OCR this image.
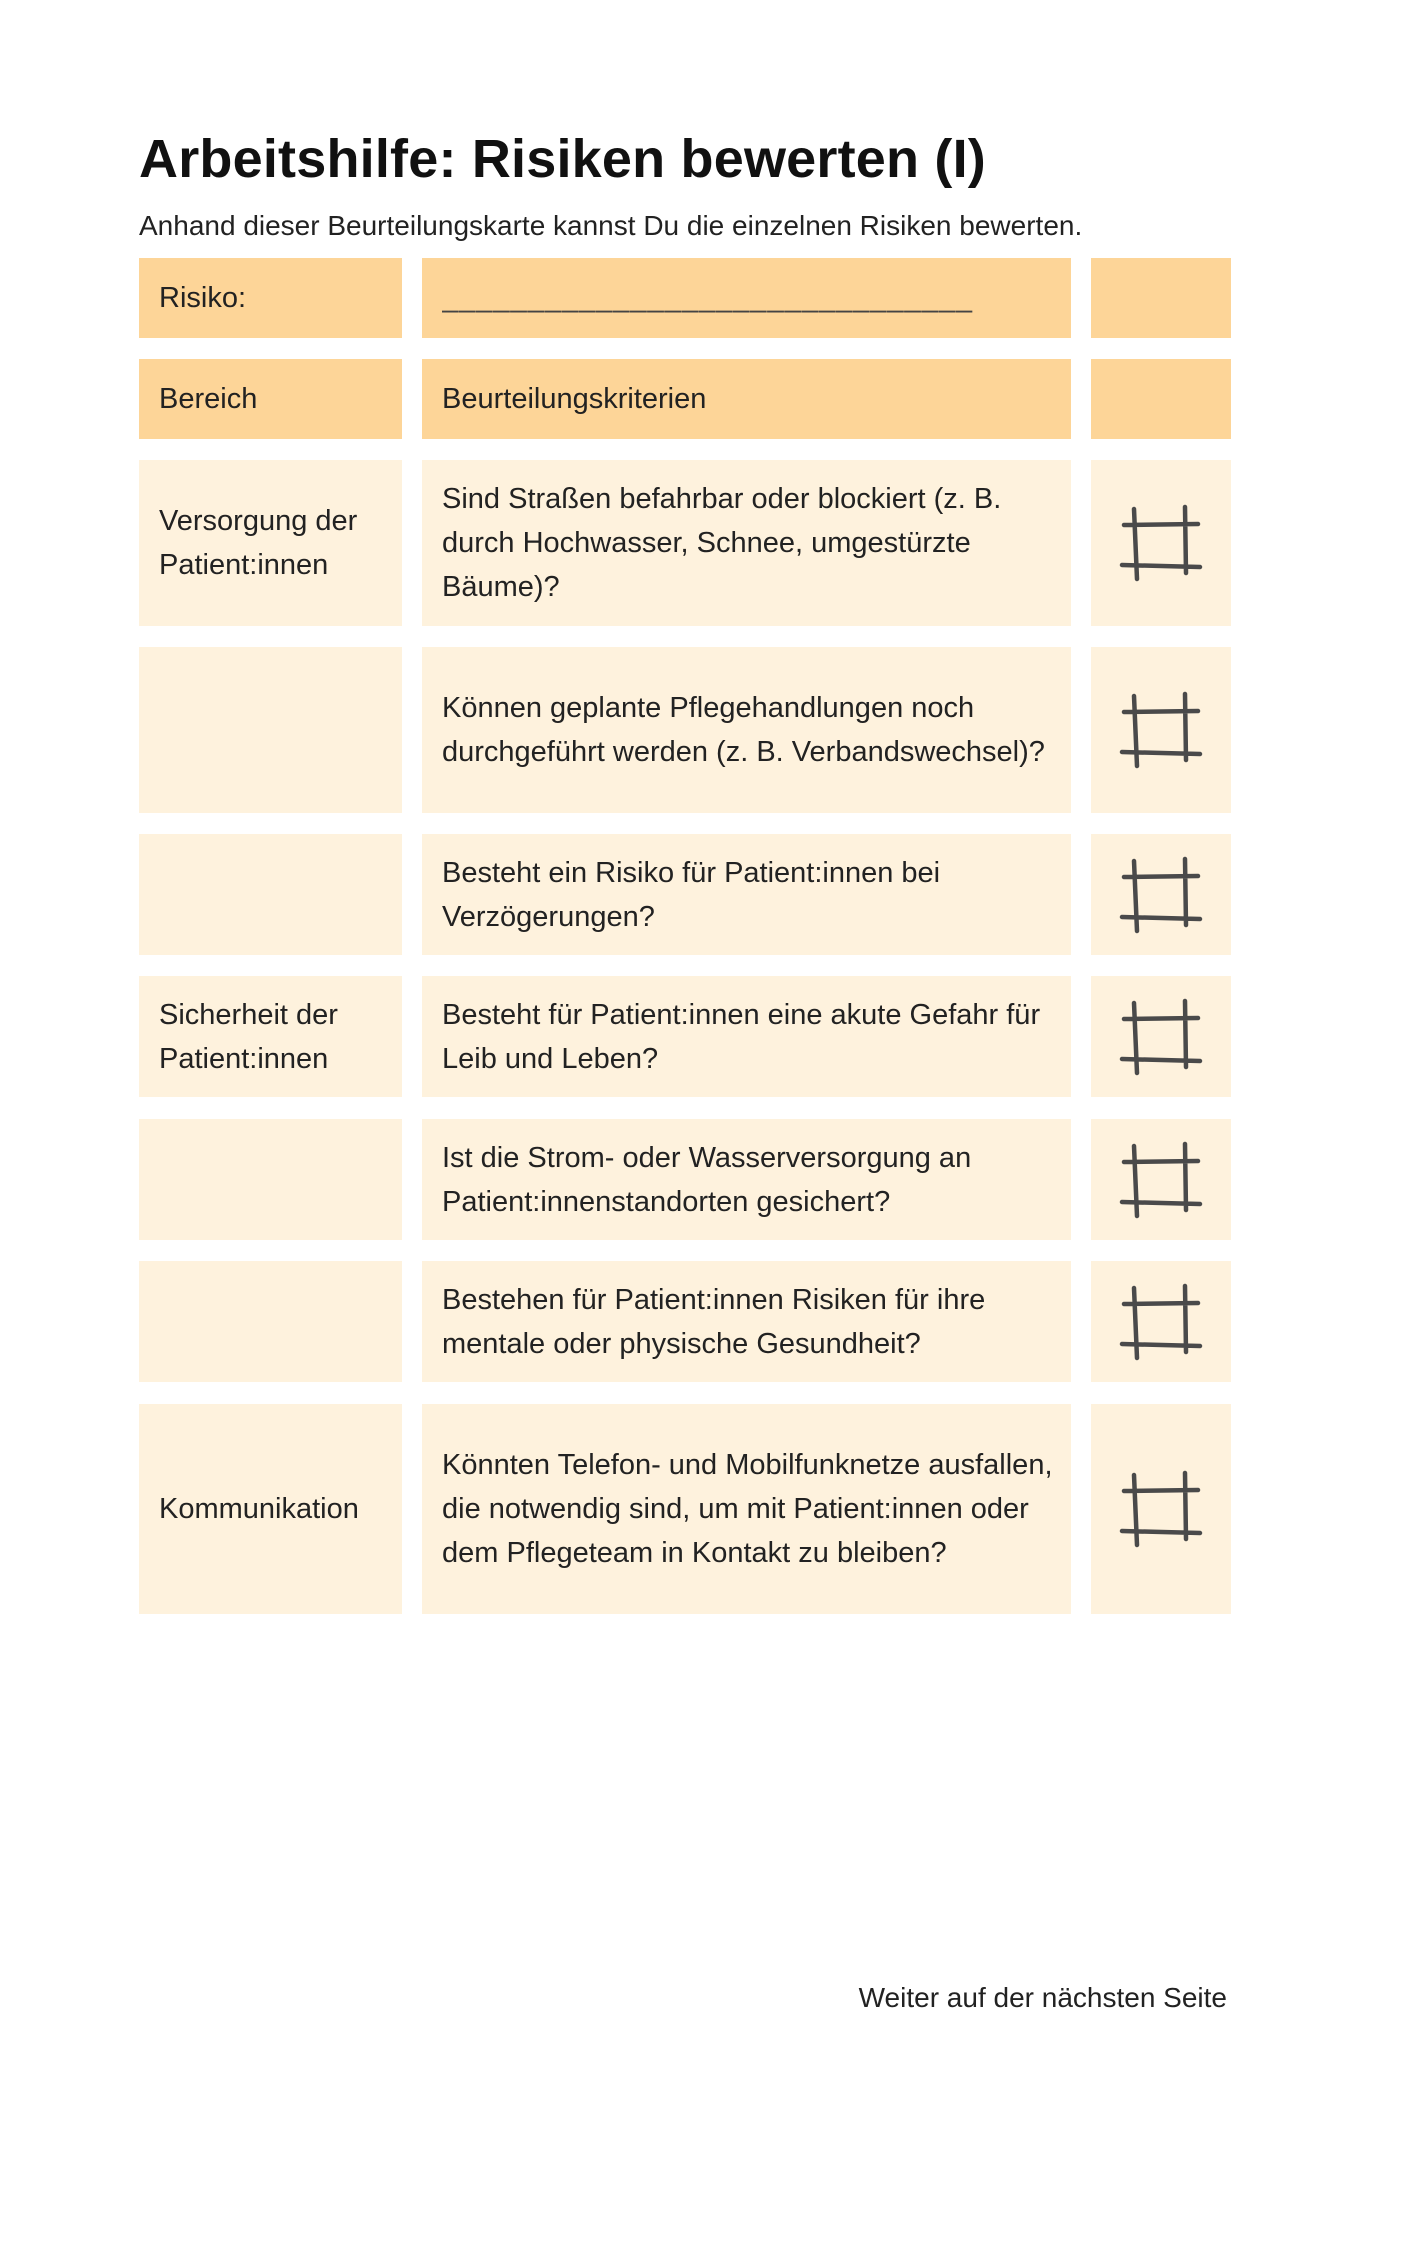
Arbeitshilfe: Risiken bewerten (I)

Anhand dieser Beurteilungskarte kannst Du die einzelnen Risiken bewerten.

Risiko:	_______________________________
Bereich	Beurteilungskriterien
Versorgung der Patient:innen
Sind Straßen befahrbar oder blockiert (z. B. durch Hochwasser, Schnee, umgestürzte Bäume)?
Können geplante Pflegehandlungen noch durchgeführt werden (z. B. Verbandswechsel)?
Besteht ein Risiko für Patient:innen bei Verzögerungen?
Sicherheit der Patient:innen
Besteht für Patient:innen eine akute Gefahr für Leib und Leben?
Ist die Strom- oder Wasserversorgung an Patient:innenstandorten gesichert?
Bestehen für Patient:innen Risiken für ihre mentale oder physische Gesundheit?
Kommunikation
Könnten Telefon- und Mobilfunknetze ausfallen, die notwendig sind, um mit Patient:innen oder dem Pflegeteam in Kontakt zu bleiben?

Weiter auf der nächsten Seite
